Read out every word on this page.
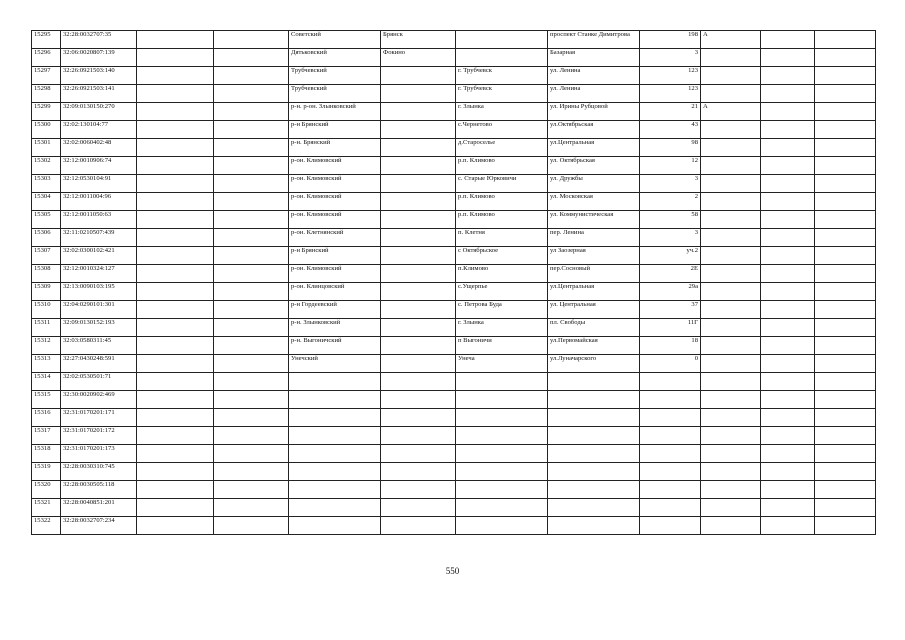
15295	32:28:0032707:35			Советский	Брянск		проспект Станке Димитрова	198	А		
15296	32:06:0020807:139			Дятьковский	Фокино		Базарная	3			
15297	32:26:0921503:140			Трубчевский		г. Трубчевск	ул. Ленина	123			
15298	32:26:0921503:141			Трубчевский		г. Трубчевск	ул. Ленина	123			
15299	32:09:0130150:270			р-н. р-он. Злынковский		г. Злынка	ул. Ирины Рубцовой	21	А		
15300	32:02:130104:77			р-н Брянский		с.Чернетово	ул.Октябрьская	43			
15301	32:02:0060402:48			р-н. Брянский		д.Староселье	ул.Центральная	98			
15302	32:12:0010906:74			р-он. Климовский		р.п. Климово	ул. Октябрьская	12			
15303	32:12:0530104:91			р-он. Климовский		с. Старые Юрковичи	ул. Дружбы	3			
15304	32:12:0011004:96			р-он. Климовский		р.п. Климово	ул. Московская	2			
15305	32:12:0011050:63			р-он. Климовский		р.п. Климово	ул. Коммунистическая	58			
15306	32:11:0210507:439			р-он. Клетнянский		п. Клетня	пер. Ленина	3			
15307	32:02:0300102:421			р-н Брянский		с Октябрьское	ул Заозерная	уч.2			
15308	32:12:0010324:127			р-он. Климовский		п.Климово	пер.Сосновый	2Е			
15309	32:13:0090103:195			р-он. Клинцовский		с.Ущерпье	ул.Центральная	29а			
15310	32:04:0290101:301			р-н Гордеевский		с. Петрова Буда	ул. Центральная	37			
15311	32:09:0130152:193			р-н. Злынковский		г. Злынка	пл. Свободы	11Г			
15312	32:03:0580311:45			р-н. Выгоничский		п Выгоничи	ул.Первомайская	18			
15313	32:27:0430248:591			Унечский		Унеча	ул.Луначарского	0			
15314	32:02:0530501:71										
15315	32:30:0020902:469										
15316	32:31:0170201:171										
15317	32:31:0170201:172										
15318	32:31:0170201:173										
15319	32:28:0030310:745										
15320	32:28:0030505:118										
15321	32:28:0040851:201										
15322	32:28:0032707:234										
550
